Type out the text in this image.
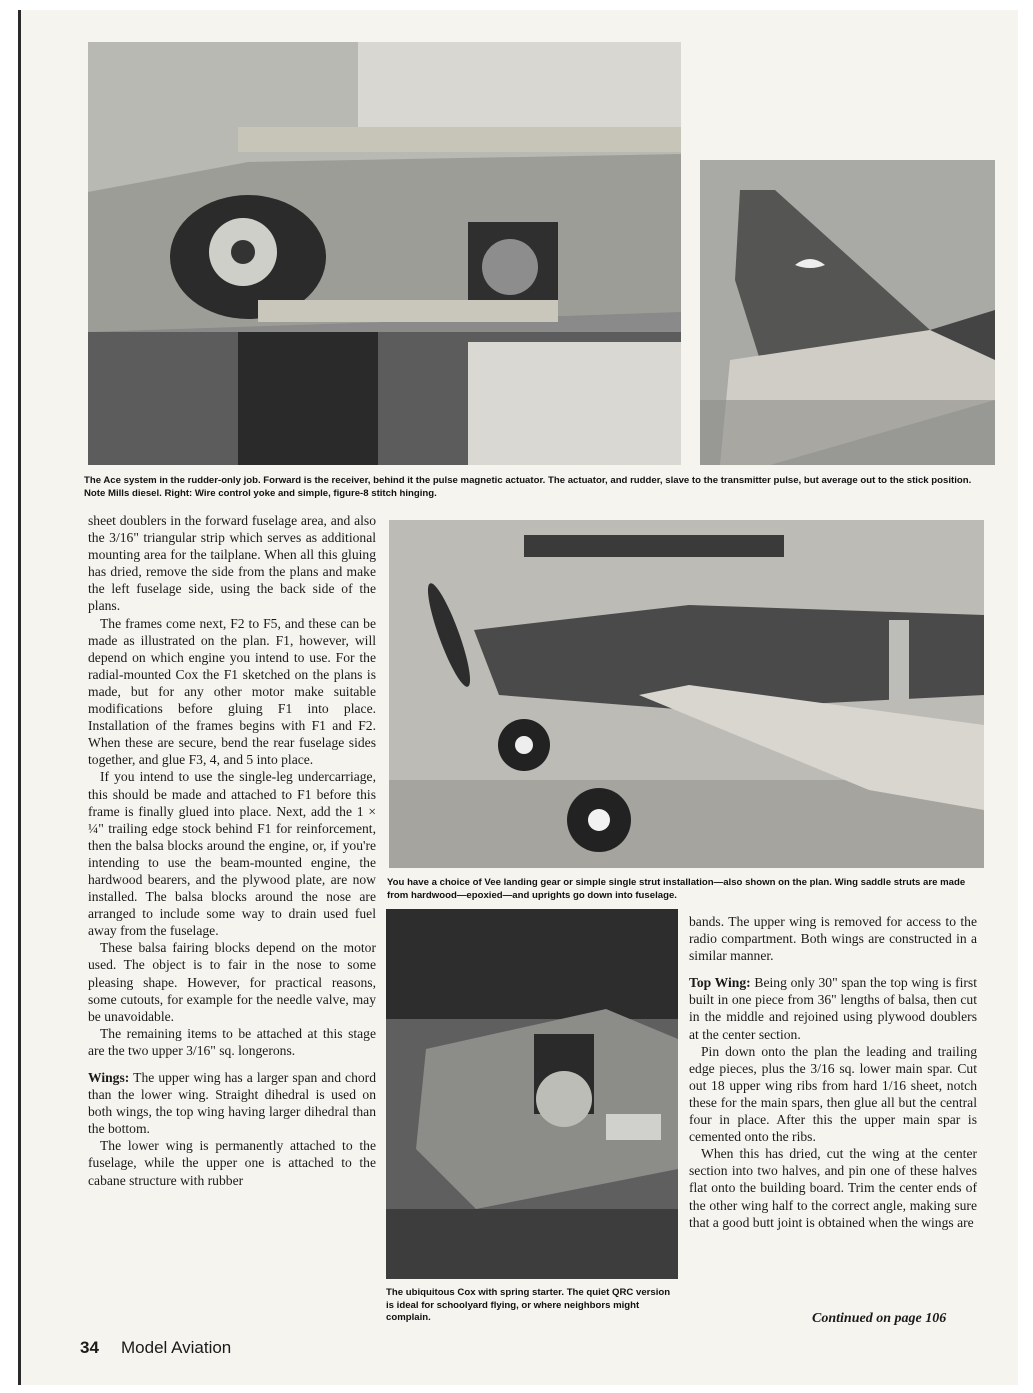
The Ace system in the rudder-only job. Forward is the receiver, behind it the pulse magnetic actuator. The actuator, and rudder, slave to the transmitter pulse, but average out to the stick position. Note Mills diesel. Right: Wire control yoke and simple, figure-8 stitch hinging.
You have a choice of Vee landing gear or simple single strut installation—also shown on the plan. Wing saddle struts are made from hardwood—epoxied—and uprights go down into fuselage.
The ubiquitous Cox with spring starter. The quiet QRC version is ideal for schoolyard flying, or where neighbors might complain.

sheet doublers in the forward fuselage area, and also the 3/16" triangular strip which serves as additional mounting area for the tailplane. When all this gluing has dried, remove the side from the plans and make the left fuselage side, using the back side of the plans.

The frames come next, F2 to F5, and these can be made as illustrated on the plan. F1, however, will depend on which engine you intend to use. For the radial-mounted Cox the F1 sketched on the plans is made, but for any other motor make suitable modifications before gluing F1 into place. Installation of the frames begins with F1 and F2. When these are secure, bend the rear fuselage sides together, and glue F3, 4, and 5 into place.

If you intend to use the single-leg undercarriage, this should be made and attached to F1 before this frame is finally glued into place. Next, add the 1 × ¼" trailing edge stock behind F1 for reinforcement, then the balsa blocks around the engine, or, if you're intending to use the beam-mounted engine, the hardwood bearers, and the plywood plate, are now installed. The balsa blocks around the nose are arranged to include some way to drain used fuel away from the fuselage.

These balsa fairing blocks depend on the motor used. The object is to fair in the nose to some pleasing shape. However, for practical reasons, some cutouts, for example for the needle valve, may be unavoidable.

The remaining items to be attached at this stage are the two upper 3/16" sq. longerons.

Wings: The upper wing has a larger span and chord than the lower wing. Straight dihedral is used on both wings, the top wing having larger dihedral than the bottom.

The lower wing is permanently attached to the fuselage, while the upper one is attached to the cabane structure with rubber

bands. The upper wing is removed for access to the radio compartment. Both wings are constructed in a similar manner.

Top Wing: Being only 30" span the top wing is first built in one piece from 36" lengths of balsa, then cut in the middle and rejoined using plywood doublers at the center section.

Pin down onto the plan the leading and trailing edge pieces, plus the 3/16 sq. lower main spar. Cut out 18 upper wing ribs from hard 1/16 sheet, notch these for the main spars, then glue all but the central four in place. After this the upper main spar is cemented onto the ribs.

When this has dried, cut the wing at the center section into two halves, and pin one of these halves flat onto the building board. Trim the center ends of the other wing half to the correct angle, making sure that a good butt joint is obtained when the wings are

Continued on page 106
34 Model Aviation
